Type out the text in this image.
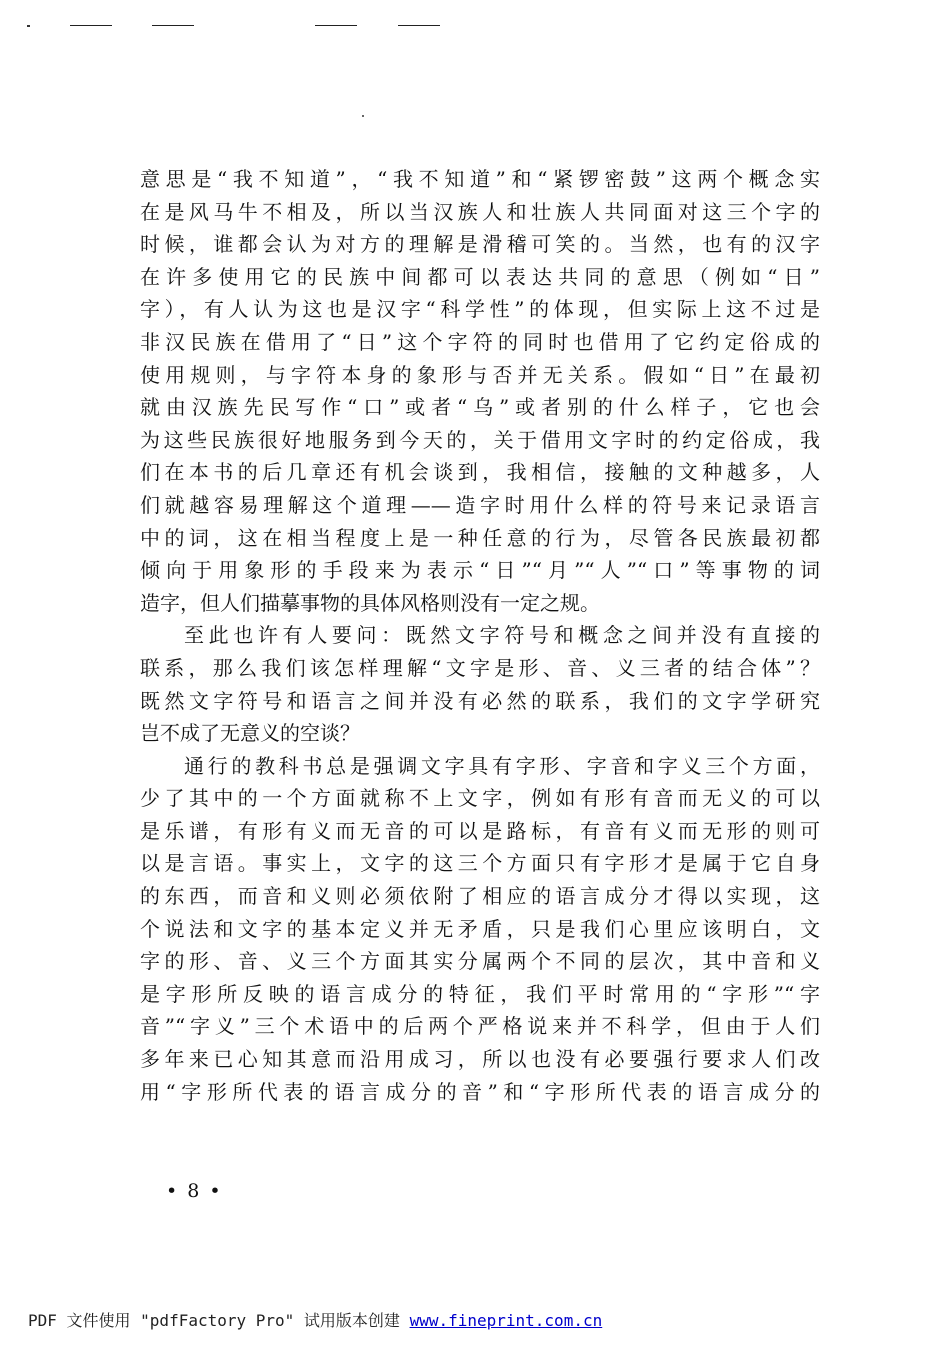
意思是“我不知道”，“我不知道”和“紧锣密鼓”这两个概念实
在是风马牛不相及，所以当汉族人和壮族人共同面对这三个字的
时候，谁都会认为对方的理解是滑稽可笑的。当然，也有的汉字
在许多使用它的民族中间都可以表达共同的意思（例如“日”
字），有人认为这也是汉字“科学性”的体现，但实际上这不过是
非汉民族在借用了“日”这个字符的同时也借用了它约定俗成的
使用规则，与字符本身的象形与否并无关系。假如“日”在最初
就由汉族先民写作“口”或者“乌”或者别的什么样子，它也会
为这些民族很好地服务到今天的，关于借用文字时的约定俗成，我
们在本书的后几章还有机会谈到，我相信，接触的文种越多，人
们就越容易理解这个道理——造字时用什么样的符号来记录语言
中的词，这在相当程度上是一种任意的行为，尽管各民族最初都
倾向于用象形的手段来为表示“日”“月”“人”“口”等事物的词
造字，但人们描摹事物的具体风格则没有一定之规。
至此也许有人要问：既然文字符号和概念之间并没有直接的
联系，那么我们该怎样理解“文字是形、音、义三者的结合体”？
既然文字符号和语言之间并没有必然的联系，我们的文字学研究
岂不成了无意义的空谈？
通行的教科书总是强调文字具有字形、字音和字义三个方面，
少了其中的一个方面就称不上文字，例如有形有音而无义的可以
是乐谱，有形有义而无音的可以是路标，有音有义而无形的则可
以是言语。事实上，文字的这三个方面只有字形才是属于它自身
的东西，而音和义则必须依附了相应的语言成分才得以实现，这
个说法和文字的基本定义并无矛盾，只是我们心里应该明白，文
字的形、音、义三个方面其实分属两个不同的层次，其中音和义
是字形所反映的语言成分的特征，我们平时常用的“字形”“字
音”“字义”三个术语中的后两个严格说来并不科学，但由于人们
多年来已心知其意而沿用成习，所以也没有必要强行要求人们改
用“字形所代表的语言成分的音”和“字形所代表的语言成分的
• 8 •
PDF 文件使用 "pdfFactory Pro" 试用版本创建 www.fineprint.com.cn
